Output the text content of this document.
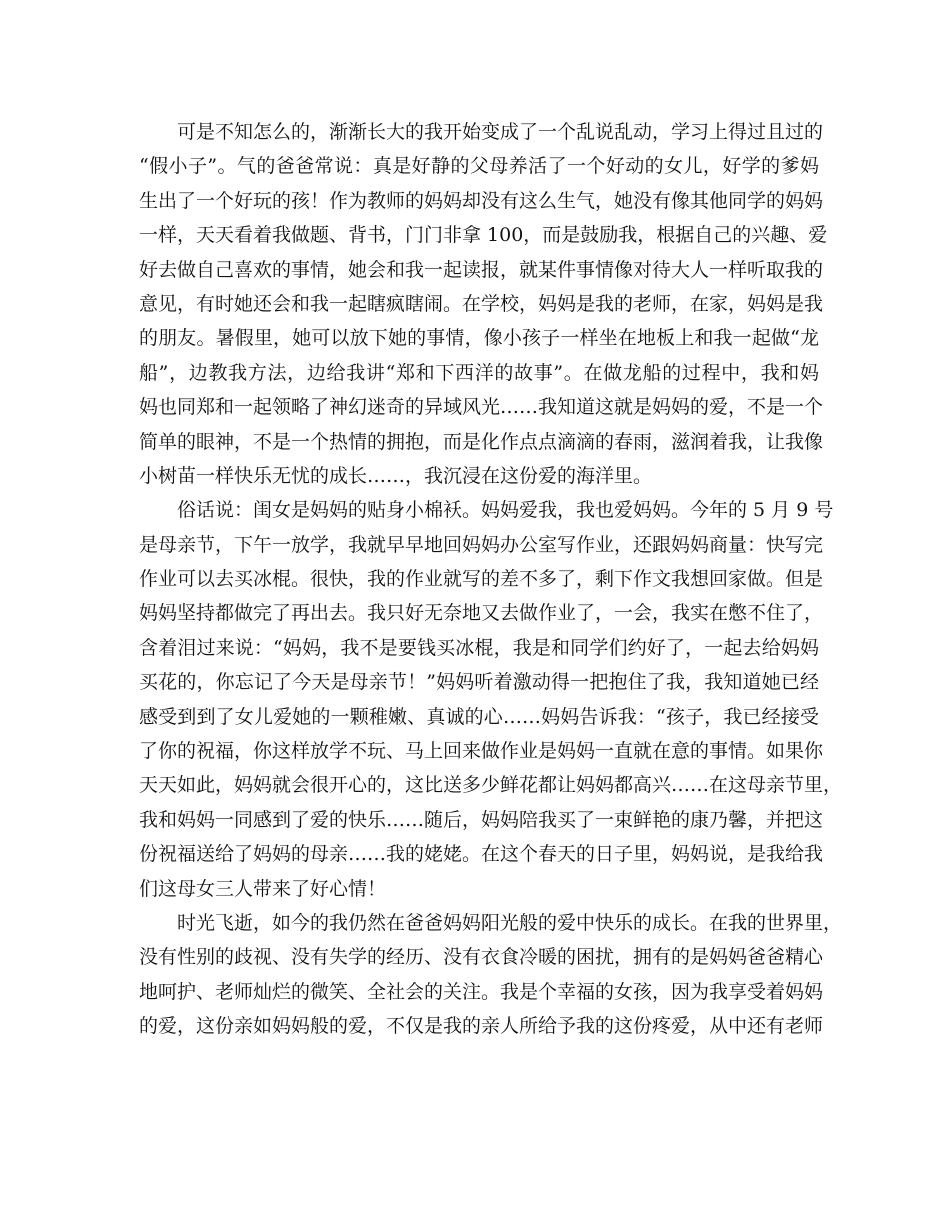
可是不知怎么的，渐渐长大的我开始变成了一个乱说乱动，学习上得过且过的
“假小子”。气的爸爸常说：真是好静的父母养活了一个好动的女儿，好学的爹妈
生出了一个好玩的孩！作为教师的妈妈却没有这么生气，她没有像其他同学的妈妈
一样，天天看着我做题、背书，门门非拿 100，而是鼓励我，根据自己的兴趣、爱
好去做自己喜欢的事情，她会和我一起读报，就某件事情像对待大人一样听取我的
意见，有时她还会和我一起瞎疯瞎闹。在学校，妈妈是我的老师，在家，妈妈是我
的朋友。暑假里，她可以放下她的事情，像小孩子一样坐在地板上和我一起做“龙
船”，边教我方法，边给我讲“郑和下西洋的故事”。在做龙船的过程中，我和妈
妈也同郑和一起领略了神幻迷奇的异域风光……我知道这就是妈妈的爱，不是一个
简单的眼神，不是一个热情的拥抱，而是化作点点滴滴的春雨，滋润着我，让我像
小树苗一样快乐无忧的成长……，我沉浸在这份爱的海洋里。
俗话说：闺女是妈妈的贴身小棉袄。妈妈爱我，我也爱妈妈。今年的 5 月 9 号
是母亲节，下午一放学，我就早早地回妈妈办公室写作业，还跟妈妈商量：快写完
作业可以去买冰棍。很快，我的作业就写的差不多了，剩下作文我想回家做。但是
妈妈坚持都做完了再出去。我只好无奈地又去做作业了，一会，我实在憋不住了，
含着泪过来说：“妈妈，我不是要钱买冰棍，我是和同学们约好了，一起去给妈妈
买花的，你忘记了今天是母亲节！”妈妈听着激动得一把抱住了我，我知道她已经
感受到到了女儿爱她的一颗稚嫩、真诚的心……妈妈告诉我：“孩子，我已经接受
了你的祝福，你这样放学不玩、马上回来做作业是妈妈一直就在意的事情。如果你
天天如此，妈妈就会很开心的，这比送多少鲜花都让妈妈都高兴……在这母亲节里，
我和妈妈一同感到了爱的快乐……随后，妈妈陪我买了一束鲜艳的康乃馨，并把这
份祝福送给了妈妈的母亲……我的姥姥。在这个春天的日子里，妈妈说，是我给我
们这母女三人带来了好心情！
时光飞逝，如今的我仍然在爸爸妈妈阳光般的爱中快乐的成长。在我的世界里，
没有性别的歧视、没有失学的经历、没有衣食冷暖的困扰，拥有的是妈妈爸爸精心
地呵护、老师灿烂的微笑、全社会的关注。我是个幸福的女孩，因为我享受着妈妈
的爱，这份亲如妈妈般的爱，不仅是我的亲人所给予我的这份疼爱，从中还有老师
